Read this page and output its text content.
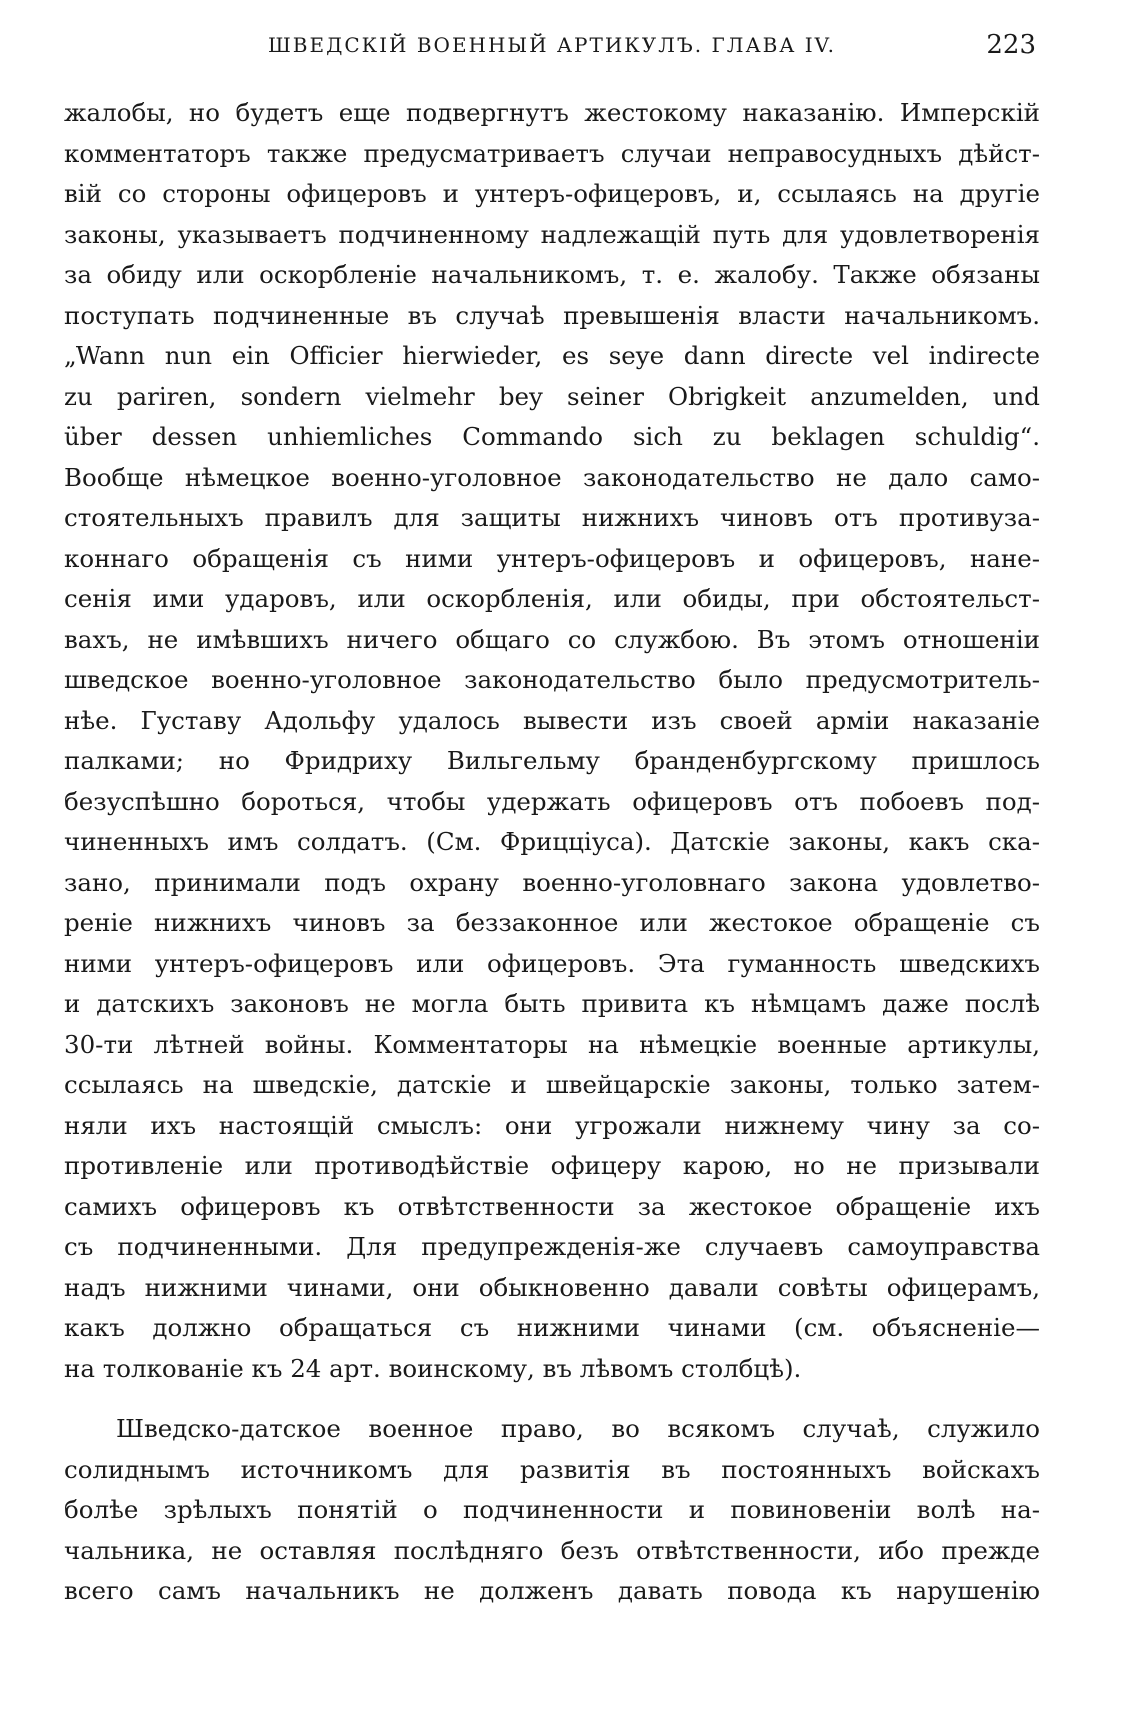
ШВЕДСКІЙ ВОЕННЫЙ АРТИКУЛЪ. ГЛАВА IV.	223
жалобы, но будетъ еще подвергнутъ жестокому наказанію. Имперскій
комментаторъ также предусматриваетъ случаи неправосудныхъ дѣйст-
вій со стороны офицеровъ и унтеръ-офицеровъ, и, ссылаясь на другіе
законы, указываетъ подчиненному надлежащій путь для удовлетворенія
за обиду или оскорбленіе начальникомъ, т. е. жалобу. Также обязаны
поступать подчиненные въ случаѣ превышенія власти начальникомъ.
„Wann nun ein Officier hierwieder, es seye dann directe vel indirecte
zu pariren, sondern vielmehr bey seiner Obrigkeit anzumelden, und
über dessen unhiemliches Commando sich zu beklagen schuldig“.
Вообще нѣмецкое военно-уголовное законодательство не дало само-
стоятельныхъ правилъ для защиты нижнихъ чиновъ отъ противуза-
коннаго обращенія съ ними унтеръ-офицеровъ и офицеровъ, нане-
сенія ими ударовъ, или оскорбленія, или обиды, при обстоятельст-
вахъ, не имѣвшихъ ничего общаго со службою. Въ этомъ отношеніи
шведское военно-уголовное законодательство было предусмотритель-
нѣе. Густаву Адольфу удалось вывести изъ своей арміи наказаніе
палками; но Фридриху Вильгельму бранденбургскому пришлось
безуспѣшно бороться, чтобы удержать офицеровъ отъ побоевъ под-
чиненныхъ имъ солдатъ. (См. Фрицціуса). Датскіе законы, какъ ска-
зано, принимали подъ охрану военно-уголовнаго закона удовлетво-
реніе нижнихъ чиновъ за беззаконное или жестокое обращеніе съ
ними унтеръ-офицеровъ или офицеровъ. Эта гуманность шведскихъ
и датскихъ законовъ не могла быть привита къ нѣмцамъ даже послѣ
30-ти лѣтней войны. Комментаторы на нѣмецкіе военные артикулы,
ссылаясь на шведскіе, датскіе и швейцарскіе законы, только затем-
няли ихъ настоящій смыслъ: они угрожали нижнему чину за со-
противленіе или противодѣйствіе офицеру карою, но не призывали
самихъ офицеровъ къ отвѣтственности за жестокое обращеніе ихъ
съ подчиненными. Для предупрежденія-же случаевъ самоуправства
надъ нижними чинами, они обыкновенно давали совѣты офицерамъ,
какъ должно обращаться съ нижними чинами (см. объясненіе—
на толкованіе къ 24 арт. воинскому, въ лѣвомъ столбцѣ).
Шведско-датское военное право, во всякомъ случаѣ, служило
солиднымъ источникомъ для развитія въ постоянныхъ войскахъ
болѣе зрѣлыхъ понятій о подчиненности и повиновеніи волѣ на-
чальника, не оставляя послѣдняго безъ отвѣтственности, ибо прежде
всего самъ начальникъ не долженъ давать повода къ нарушенію
